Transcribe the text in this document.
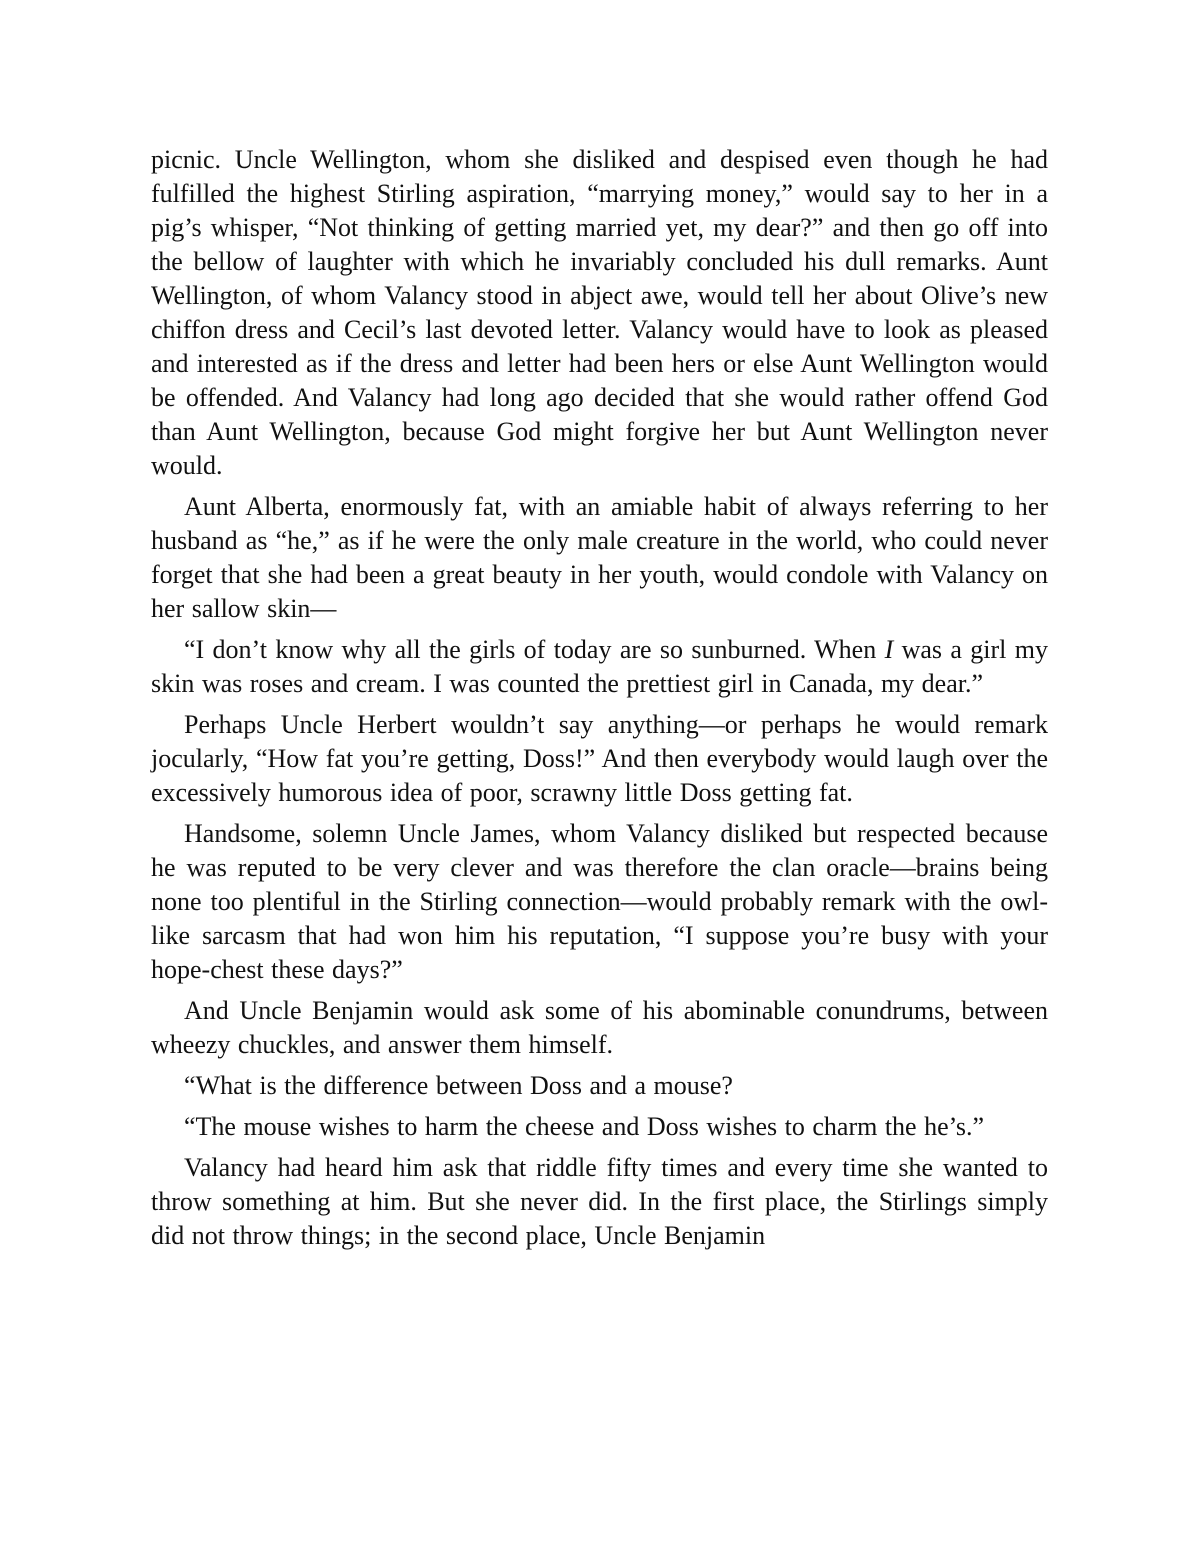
picnic. Uncle Wellington, whom she disliked and despised even though he had fulfilled the highest Stirling aspiration, “marrying money,” would say to her in a pig’s whisper, “Not thinking of getting married yet, my dear?” and then go off into the bellow of laughter with which he invariably concluded his dull remarks. Aunt Wellington, of whom Valancy stood in abject awe, would tell her about Olive’s new chiffon dress and Cecil’s last devoted letter. Valancy would have to look as pleased and interested as if the dress and letter had been hers or else Aunt Wellington would be offended. And Valancy had long ago decided that she would rather offend God than Aunt Wellington, because God might forgive her but Aunt Wellington never would.

Aunt Alberta, enormously fat, with an amiable habit of always referring to her husband as “he,” as if he were the only male creature in the world, who could never forget that she had been a great beauty in her youth, would condole with Valancy on her sallow skin—

“I don’t know why all the girls of today are so sunburned. When I was a girl my skin was roses and cream. I was counted the prettiest girl in Canada, my dear.”

Perhaps Uncle Herbert wouldn’t say anything—or perhaps he would remark jocularly, “How fat you’re getting, Doss!” And then everybody would laugh over the excessively humorous idea of poor, scrawny little Doss getting fat.

Handsome, solemn Uncle James, whom Valancy disliked but respected because he was reputed to be very clever and was therefore the clan oracle—brains being none too plentiful in the Stirling connection—would probably remark with the owl-like sarcasm that had won him his reputation, “I suppose you’re busy with your hope-chest these days?”

And Uncle Benjamin would ask some of his abominable conundrums, between wheezy chuckles, and answer them himself.

“What is the difference between Doss and a mouse?

“The mouse wishes to harm the cheese and Doss wishes to charm the he’s.”

Valancy had heard him ask that riddle fifty times and every time she wanted to throw something at him. But she never did. In the first place, the Stirlings simply did not throw things; in the second place, Uncle Benjamin
